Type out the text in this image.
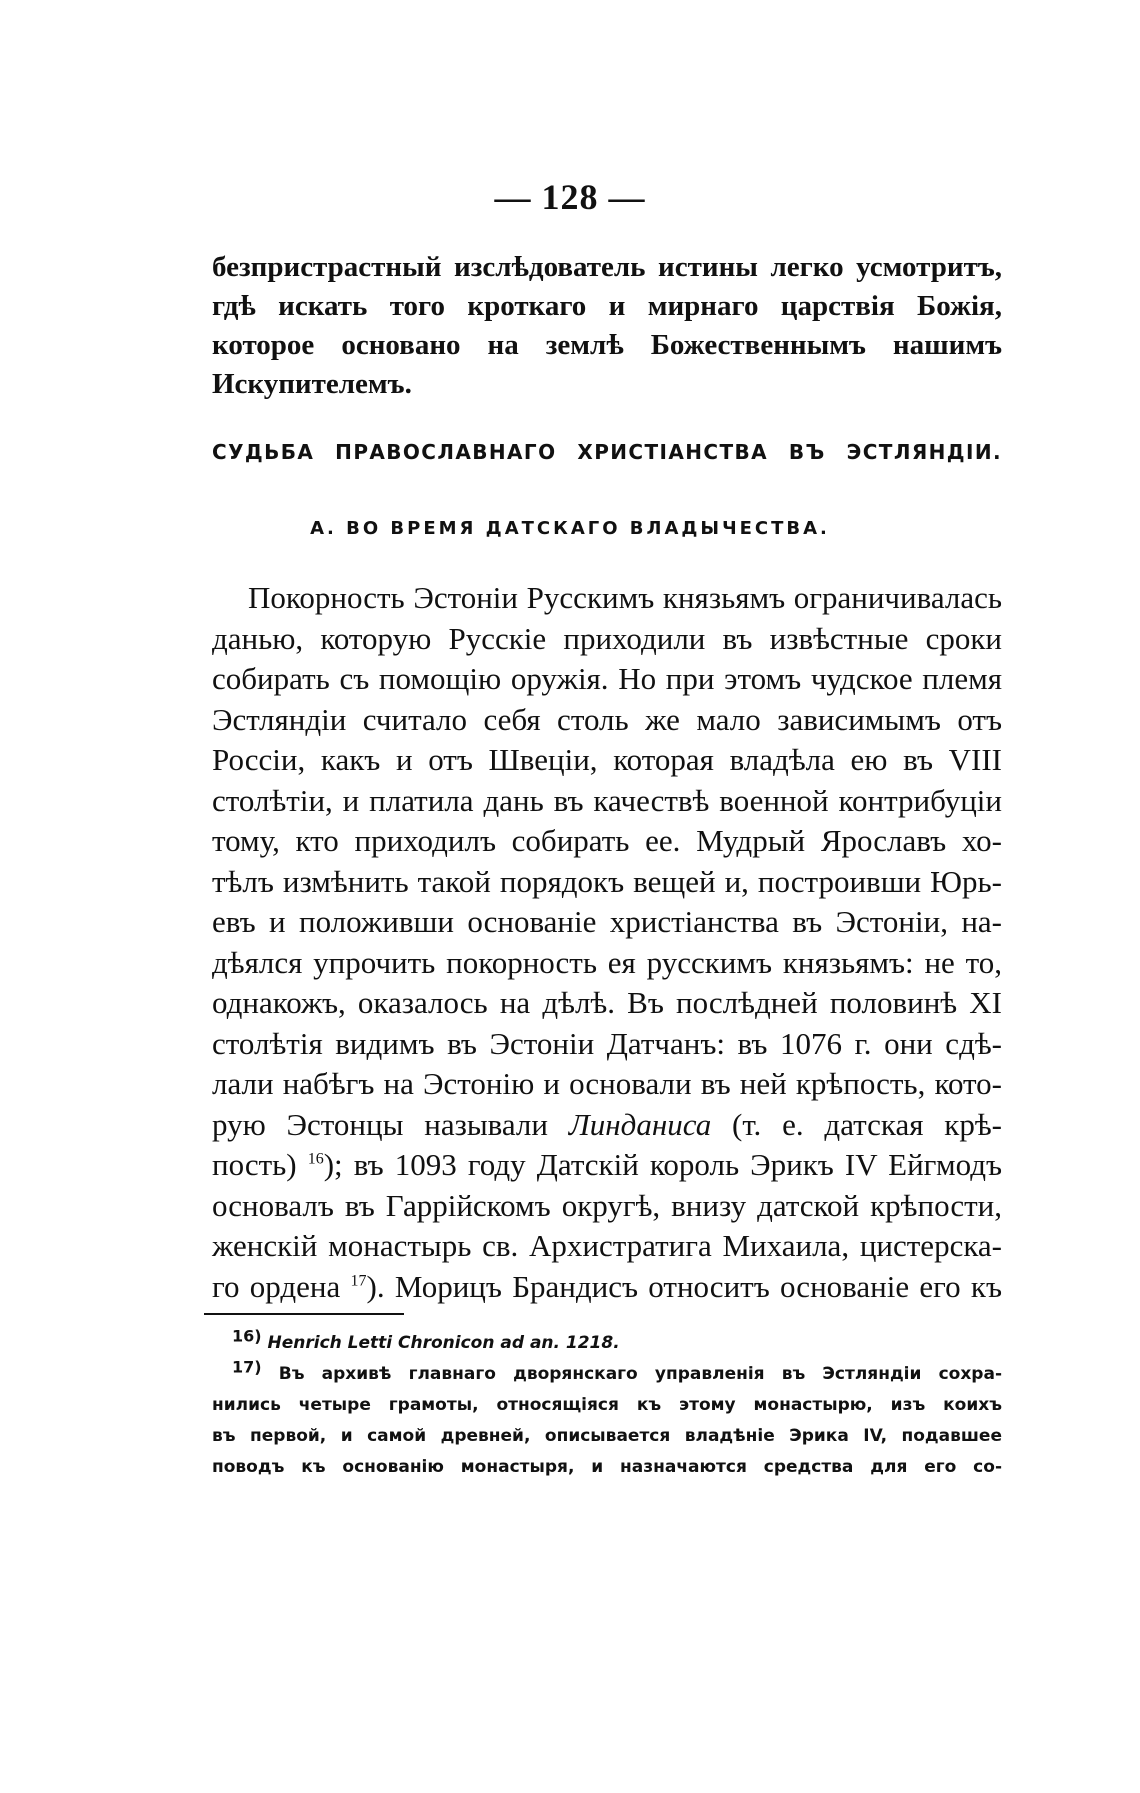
— 128 —
безпристрастный изслѣдователь истины легко усмотритъ,
гдѣ искать того кроткаго и мирнаго царствія Божія,
которое основано на землѣ Божественнымъ нашимъ
Искупителемъ.
СУДЬБА ПРАВОСЛАВНАГО ХРИСТІАНСТВА ВЪ ЭСТЛЯНДІИ.
А. ВО ВРЕМЯ ДАТСКАГО ВЛАДЫЧЕСТВА.
Покорность Эстоніи Русскимъ князьямъ ограничивалась
данью, которую Русскіе приходили въ извѣстные сроки
собирать съ помощію оружія. Но при этомъ чудское племя
Эстляндіи считало себя столь же мало зависимымъ отъ
Россіи, какъ и отъ Швеціи, которая владѣла ею въ VIII
столѣтіи, и платила дань въ качествѣ военной контрибуціи
тому, кто приходилъ собирать ее. Мудрый Ярославъ хо-
тѣлъ измѣнить такой порядокъ вещей и, построивши Юрь-
евъ и положивши основаніе христіанства въ Эстоніи, на-
дѣялся упрочить покорность ея русскимъ князьямъ: не то,
однакожъ, оказалось на дѣлѣ. Въ послѣдней половинѣ XI
столѣтія видимъ въ Эстоніи Датчанъ: въ 1076 г. они сдѣ-
лали набѣгъ на Эстонію и основали въ ней крѣпость, кото-
рую Эстонцы называли Линданиса (т. е. датская крѣ-
пость) $^{16}$); въ 1093 году Датскій король Эрикъ IV Ейгмодъ
основалъ въ Гаррійскомъ округѣ, внизу датской крѣпости,
женскій монастырь св. Архистратига Михаила, цистерска-
го ордена $^{17}$). Морицъ Брандисъ относитъ основаніе его къ
$^{16)}$ Henrich Letti Chronicon ad an. 1218.
$^{17)}$ Въ архивѣ главнаго дворянскаго управленія въ Эстляндіи сохра-
нились четыре грамоты, относящіяся къ этому монастырю, изъ коихъ
въ первой, и самой древней, описывается владѣніе Эрика IV, подавшее
поводъ къ основанію монастыря, и назначаются средства для его со-
